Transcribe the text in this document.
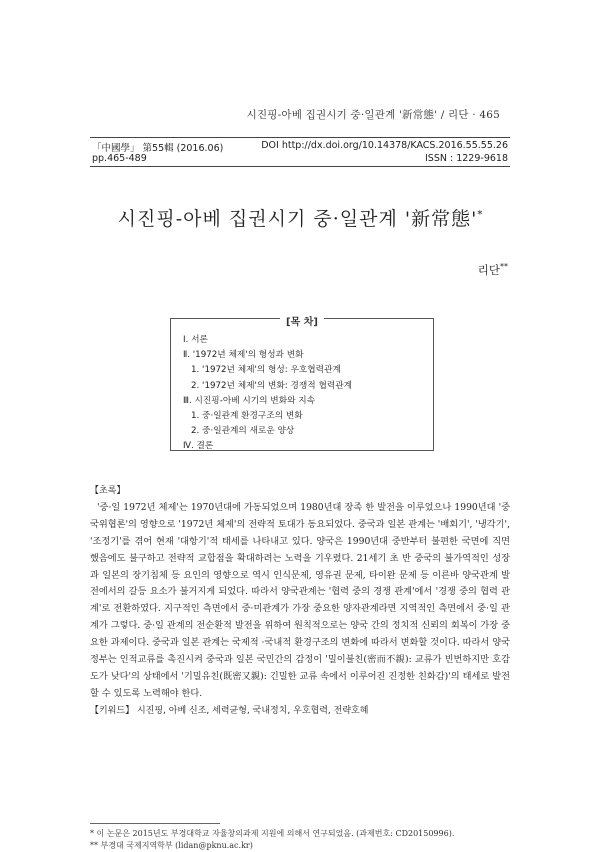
시진핑-아베 집권시기 중·일관계 '新常態' / 리단 · 465
「中國學」 第55輯 (2016.06)
pp.465-489
DOI http://dx.doi.org/10.14378/KACS.2016.55.55.26
ISSN : 1229-9618
시진핑-아베 집권시기 중·일관계 '新常態'*
리단**
[목 차]
Ⅰ. 서론
Ⅱ. '1972년 체제'의 형성과 변화
1. '1972년 체제'의 형성: 우호협력관계
2. '1972년 체제'의 변화: 경쟁적 협력관계
Ⅲ. 시진핑-아베 시기의 변화와 지속
1. 중·일관계 환경구조의 변화
2. 중·일관계의 새로운 양상
Ⅳ. 결론
【초록】
'중·일 1972년 체제'는 1970년대에 가동되었으며 1980년대 장족 한 발전을 이루었으나 1990년대 '중국위협론'의 영향으로 '1972년 체제'의 전략적 토대가 동요되었다. 중국과 일본 관계는 '배회기', '냉각기', '조정기'를 겪어 현재 '대항기'적 태세를 나타내고 있다. 양국은 1990년대 중반부터 불편한 국면에 직면 했음에도 불구하고 전략적 교합점을 확대하려는 노력을 기우렸다. 21세기 초 반 중국의 불가역적인 성장과 일본의 장기침체 등 요인의 영향으로 역시 인식문제, 영유권 문제, 타이완 문제 등 이른바 양국관계 발전에서의 갈등 요소가 불거지게 되었다. 따라서 양국관계는 '협력 중의 경쟁 관계'에서 '경쟁 중의 협력 관계'로 전환하였다. 지구적인 측면에서 중·미관계가 가장 중요한 양자관계라면 지역적인 측면에서 중·일 관계가 그렇다. 중·일 관계의 전순환적 발전을 위하여 원칙적으로는 양국 간의 정치적 신뢰의 회복이 가장 중요한 과제이다. 중국과 일본 관계는 국제적 ·국내적 환경구조의 변화에 따라서 변화할 것이다. 따라서 양국 정부는 인적교류를 촉진시켜 중국과 일본 국민간의 감정이 '밀이불친(密而不親): 교류가 빈번하지만 호감도가 낮다'의 상태에서 '기밀유친(既密又親): 긴밀한 교류 속에서 이루어진 진정한 친화감)'의 태세로 발전 할 수 있도록 노력해야 한다.
【키워드】 시진핑, 아베 신조, 세력균형, 국내정치, 우호협력, 전략호혜
* 이 논문은 2015년도 부경대학교 자율창의과제 지원에 의해서 연구되었음. (과제번호: CD20150996).
** 부경대 국제지역학부 (lidan@pknu.ac.kr)
